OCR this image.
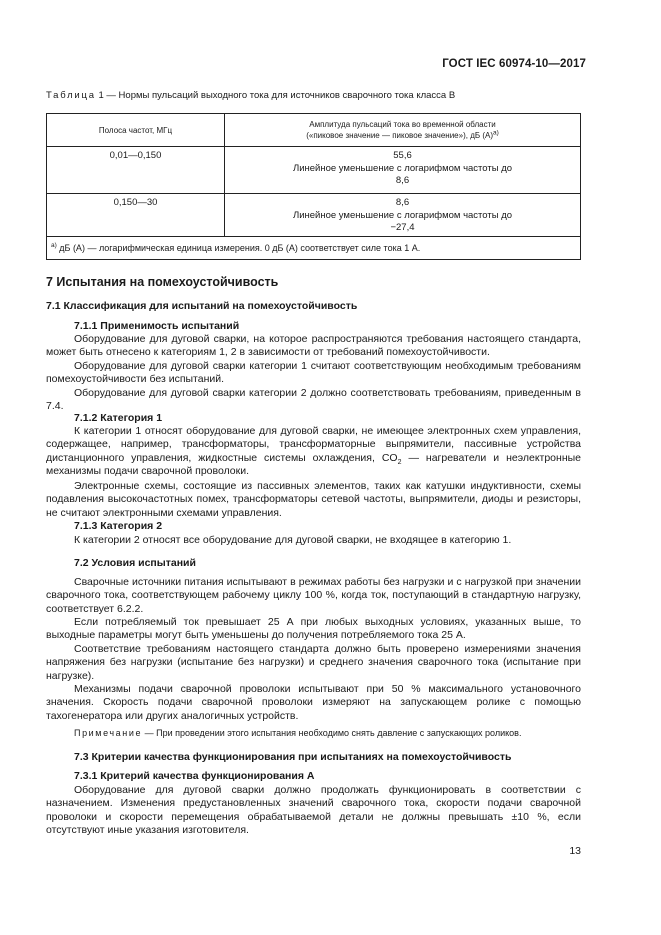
ГОСТ IEC 60974-10—2017
Таблица 1 — Нормы пульсаций выходного тока для источников сварочного тока класса В
Полоса частот, МГц	Амплитуда пульсаций тока во временной области
(«пиковое значение — пиковое значение»), дБ $(А)^{a)}$
0,01—0,150	55,6
Линейное уменьшение с логарифмом частоты до
8,6
0,150—30	8,6
Линейное уменьшение с логарифмом частоты до
−27,4
$^{a)}$ дБ (А) — логарифмическая единица измерения. 0 дБ (А) соответствует силе тока 1 А.	
7 Испытания на помехоустойчивость
7.1 Классификация для испытаний на помехоустойчивость
7.1.1 Применимость испытаний
Оборудование для дуговой сварки, на которое распространяются требования настоящего стандарта, может быть отнесено к категориям 1, 2 в зависимости от требований помехоустойчивости.
Оборудование для дуговой сварки категории 1 считают соответствующим необходимым требованиям помехоустойчивости без испытаний.
Оборудование для дуговой сварки категории 2 должно соответствовать требованиям, приведенным в 7.4.
7.1.2 Категория 1
К категории 1 относят оборудование для дуговой сварки, не имеющее электронных схем управления, содержащее, например, трансформаторы, трансформаторные выпрямители, пассивные устройства дистанционного управления, жидкостные системы охлаждения, $CO_2$ — нагреватели и неэлектронные механизмы подачи сварочной проволоки.
Электронные схемы, состоящие из пассивных элементов, таких как катушки индуктивности, схемы подавления высокочастотных помех, трансформаторы сетевой частоты, выпрямители, диоды и резисторы, не считают электронными схемами управления.
7.1.3 Категория 2
К категории 2 относят все оборудование для дуговой сварки, не входящее в категорию 1.
7.2 Условия испытаний
Сварочные источники питания испытывают в режимах работы без нагрузки и с нагрузкой при значении сварочного тока, соответствующем рабочему циклу 100 %, когда ток, поступающий в стандартную нагрузку, соответствует 6.2.2.
Если потребляемый ток превышает 25 А при любых выходных условиях, указанных выше, то выходные параметры могут быть уменьшены до получения потребляемого тока 25 А.
Соответствие требованиям настоящего стандарта должно быть проверено измерениями значения напряжения без нагрузки (испытание без нагрузки) и среднего значения сварочного тока (испытание при нагрузке).
Механизмы подачи сварочной проволоки испытывают при 50 % максимального установочного значения. Скорость подачи сварочной проволоки измеряют на запускающем ролике с помощью тахогенератора или других аналогичных устройств.
Примечание — При проведении этого испытания необходимо снять давление с запускающих роликов.
7.3 Критерии качества функционирования при испытаниях на помехоустойчивость
7.3.1 Критерий качества функционирования А
Оборудование для дуговой сварки должно продолжать функционировать в соответствии с назначением. Изменения предустановленных значений сварочного тока, скорости подачи сварочной проволоки и скорости перемещения обрабатываемой детали не должны превышать ±10 %, если отсутствуют иные указания изготовителя.
13
